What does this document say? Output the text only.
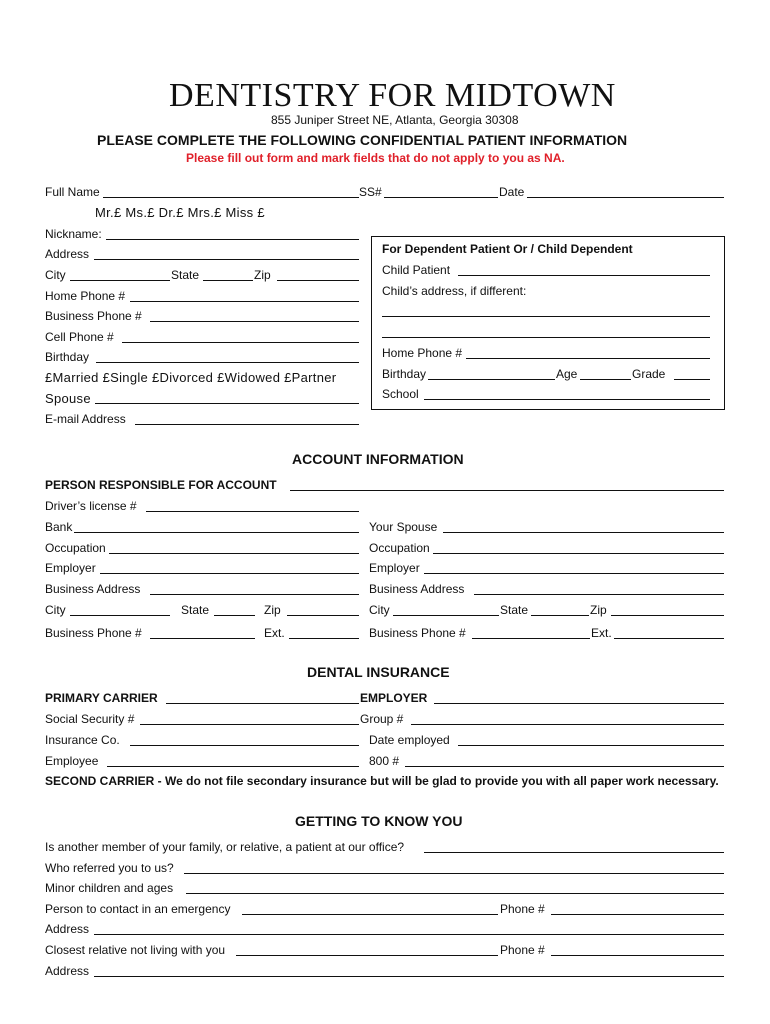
DENTISTRY FOR MIDTOWN
855 Juniper Street NE, Atlanta, Georgia 30308
PLEASE COMPLETE THE FOLLOWING CONFIDENTIAL PATIENT INFORMATION
Please fill out form and mark fields that do not apply to you as NA.
Full Name	SS#	Date
Mr.£ Ms.£ Dr.£ Mrs.£ Miss £
Nickname:
Address
City	State	Zip
Home Phone #
Business Phone #
Cell Phone #
Birthday
£Married £Single £Divorced £Widowed £Partner
Spouse
E-mail Address
For Dependent Patient Or / Child Dependent
Child Patient
Child’s address, if different:
Home Phone #
Birthday	Age	Grade
School
ACCOUNT INFORMATION
PERSON RESPONSIBLE FOR ACCOUNT
Driver’s license #
Bank	Your Spouse
Occupation	Occupation
Employer	Employer
Business Address	Business Address
City	State	Zip	City	State	Zip
Business Phone #	Ext.	Business Phone #	Ext.
DENTAL INSURANCE
PRIMARY CARRIER	EMPLOYER
Social Security #	Group #
Insurance Co.	Date employed
Employee	800 #
SECOND CARRIER - We do not file secondary insurance but will be glad to provide you with all paper work necessary.
GETTING TO KNOW YOU
Is another member of your family, or relative, a patient at our office?
Who referred you to us?
Minor children and ages
Person to contact in an emergency	Phone #
Address
Closest relative not living with you	Phone #
Address
